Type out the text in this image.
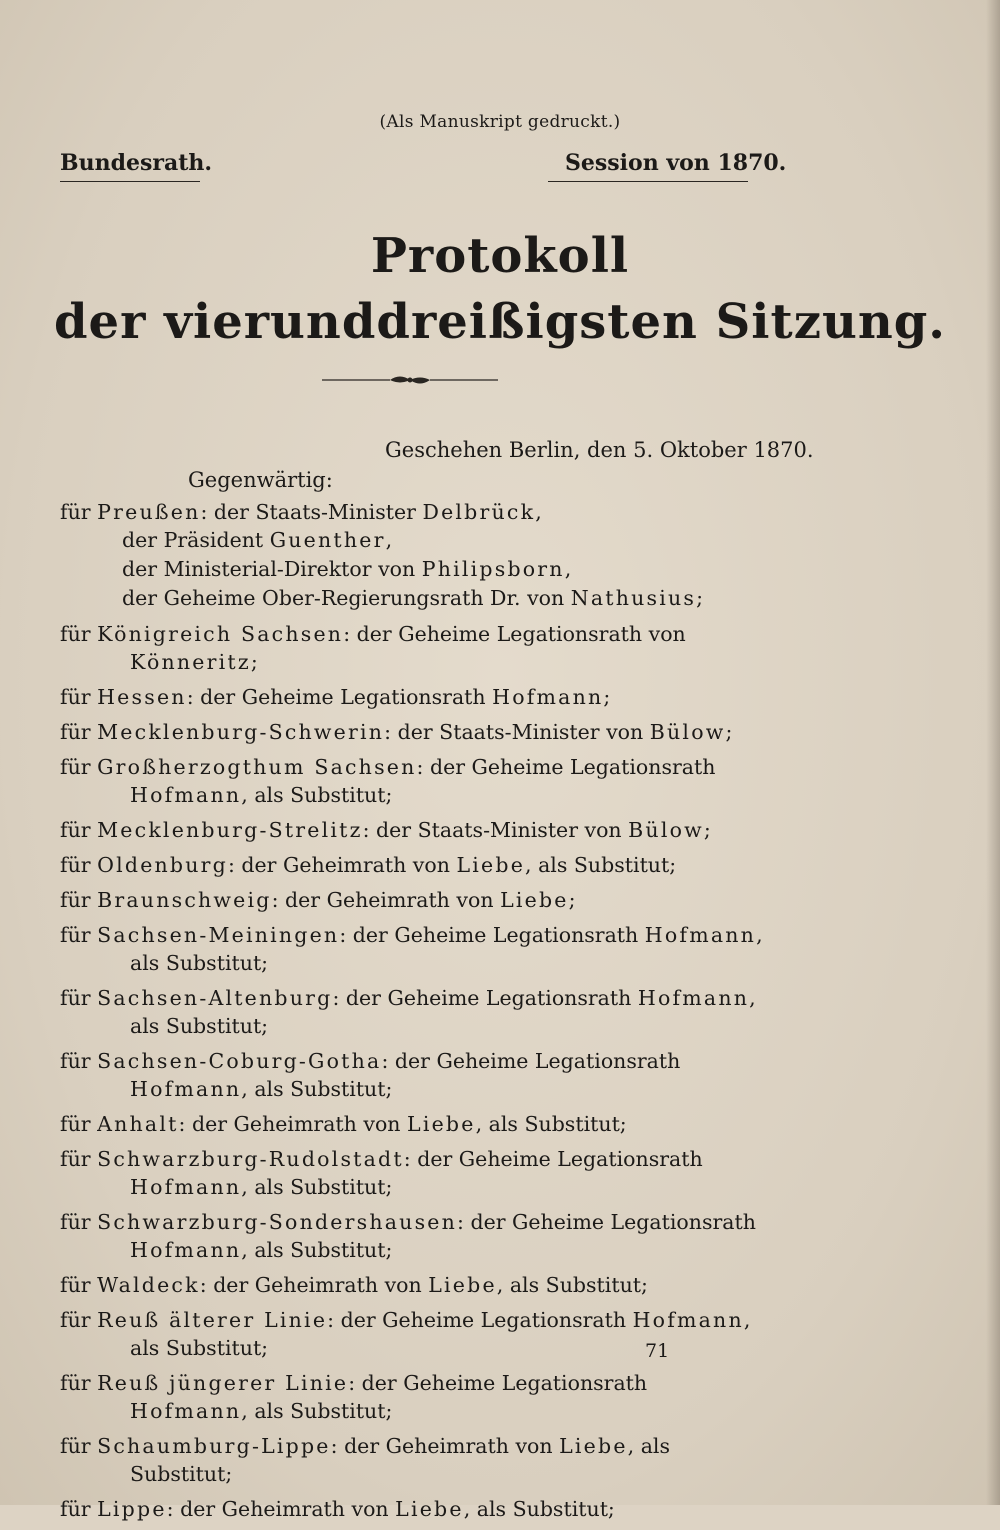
(Als Manuskript gedruckt.)
Bundesrath.	Session von 1870.
Protokoll
der vierunddreißigsten Sitzung.
Geschehen Berlin, den 5. Oktober 1870.
Gegenwärtig:
für Preußen: der Staats-Minister Delbrück,
der Präsident Guenther,
der Ministerial-Direktor von Philipsborn,
der Geheime Ober-Regierungsrath Dr. von Nathusius;
für Königreich Sachsen: der Geheime Legationsrath von Könneritz;
für Hessen: der Geheime Legationsrath Hofmann;
für Mecklenburg-Schwerin: der Staats-Minister von Bülow;
für Großherzogthum Sachsen: der Geheime Legationsrath Hofmann, als Substitut;
für Mecklenburg-Strelitz: der Staats-Minister von Bülow;
für Oldenburg: der Geheimrath von Liebe, als Substitut;
für Braunschweig: der Geheimrath von Liebe;
für Sachsen-Meiningen: der Geheime Legationsrath Hofmann, als Substitut;
für Sachsen-Altenburg: der Geheime Legationsrath Hofmann, als Substitut;
für Sachsen-Coburg-Gotha: der Geheime Legationsrath Hofmann, als Substitut;
für Anhalt: der Geheimrath von Liebe, als Substitut;
für Schwarzburg-Rudolstadt: der Geheime Legationsrath Hofmann, als Substitut;
für Schwarzburg-Sondershausen: der Geheime Legationsrath Hofmann, als Substitut;
für Waldeck: der Geheimrath von Liebe, als Substitut;
für Reuß älterer Linie: der Geheime Legationsrath Hofmann, als Substitut;
für Reuß jüngerer Linie: der Geheime Legationsrath Hofmann, als Substitut;
für Schaumburg-Lippe: der Geheimrath von Liebe, als Substitut;
für Lippe: der Geheimrath von Liebe, als Substitut;
71
